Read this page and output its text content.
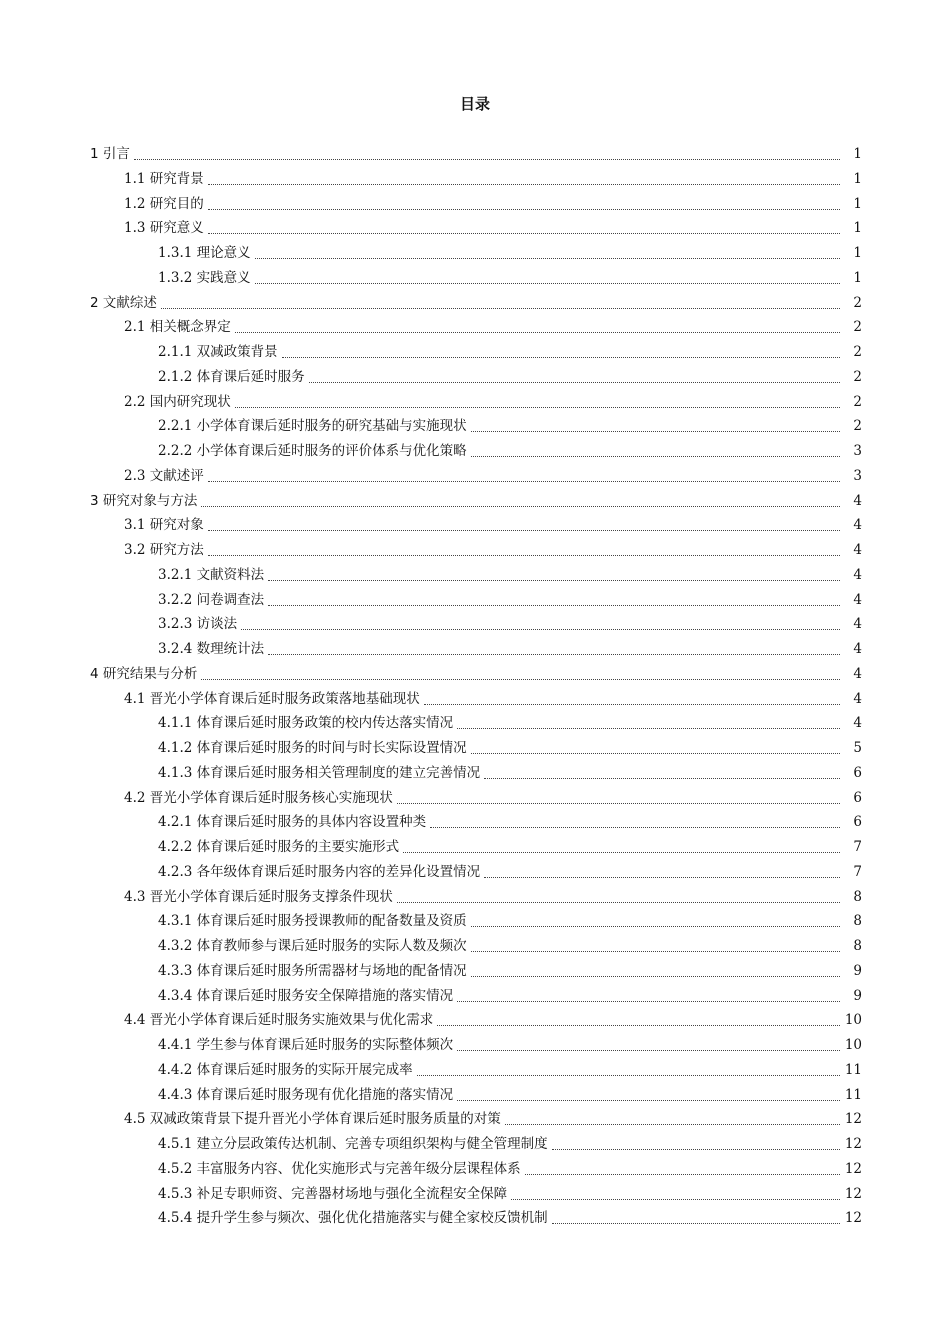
目录
1 引言	1
1.1 研究背景	1
1.2 研究目的	1
1.3 研究意义	1
1.3.1 理论意义	1
1.3.2 实践意义	1
2 文献综述	2
2.1 相关概念界定	2
2.1.1 双减政策背景	2
2.1.2 体育课后延时服务	2
2.2 国内研究现状	2
2.2.1 小学体育课后延时服务的研究基础与实施现状	2
2.2.2 小学体育课后延时服务的评价体系与优化策略	3
2.3 文献述评	3
3 研究对象与方法	4
3.1 研究对象	4
3.2 研究方法	4
3.2.1 文献资料法	4
3.2.2 问卷调查法	4
3.2.3 访谈法	4
3.2.4 数理统计法	4
4 研究结果与分析	4
4.1 晋光小学体育课后延时服务政策落地基础现状	4
4.1.1 体育课后延时服务政策的校内传达落实情况	4
4.1.2 体育课后延时服务的时间与时长实际设置情况	5
4.1.3 体育课后延时服务相关管理制度的建立完善情况	6
4.2 晋光小学体育课后延时服务核心实施现状	6
4.2.1 体育课后延时服务的具体内容设置种类	6
4.2.2 体育课后延时服务的主要实施形式	7
4.2.3 各年级体育课后延时服务内容的差异化设置情况	7
4.3 晋光小学体育课后延时服务支撑条件现状	8
4.3.1 体育课后延时服务授课教师的配备数量及资质	8
4.3.2 体育教师参与课后延时服务的实际人数及频次	8
4.3.3 体育课后延时服务所需器材与场地的配备情况	9
4.3.4 体育课后延时服务安全保障措施的落实情况	9
4.4 晋光小学体育课后延时服务实施效果与优化需求	10
4.4.1 学生参与体育课后延时服务的实际整体频次	10
4.4.2 体育课后延时服务的实际开展完成率	11
4.4.3 体育课后延时服务现有优化措施的落实情况	11
4.5 双减政策背景下提升晋光小学体育课后延时服务质量的对策	12
4.5.1 建立分层政策传达机制、完善专项组织架构与健全管理制度	12
4.5.2 丰富服务内容、优化实施形式与完善年级分层课程体系	12
4.5.3 补足专职师资、完善器材场地与强化全流程安全保障	12
4.5.4 提升学生参与频次、强化优化措施落实与健全家校反馈机制	12
